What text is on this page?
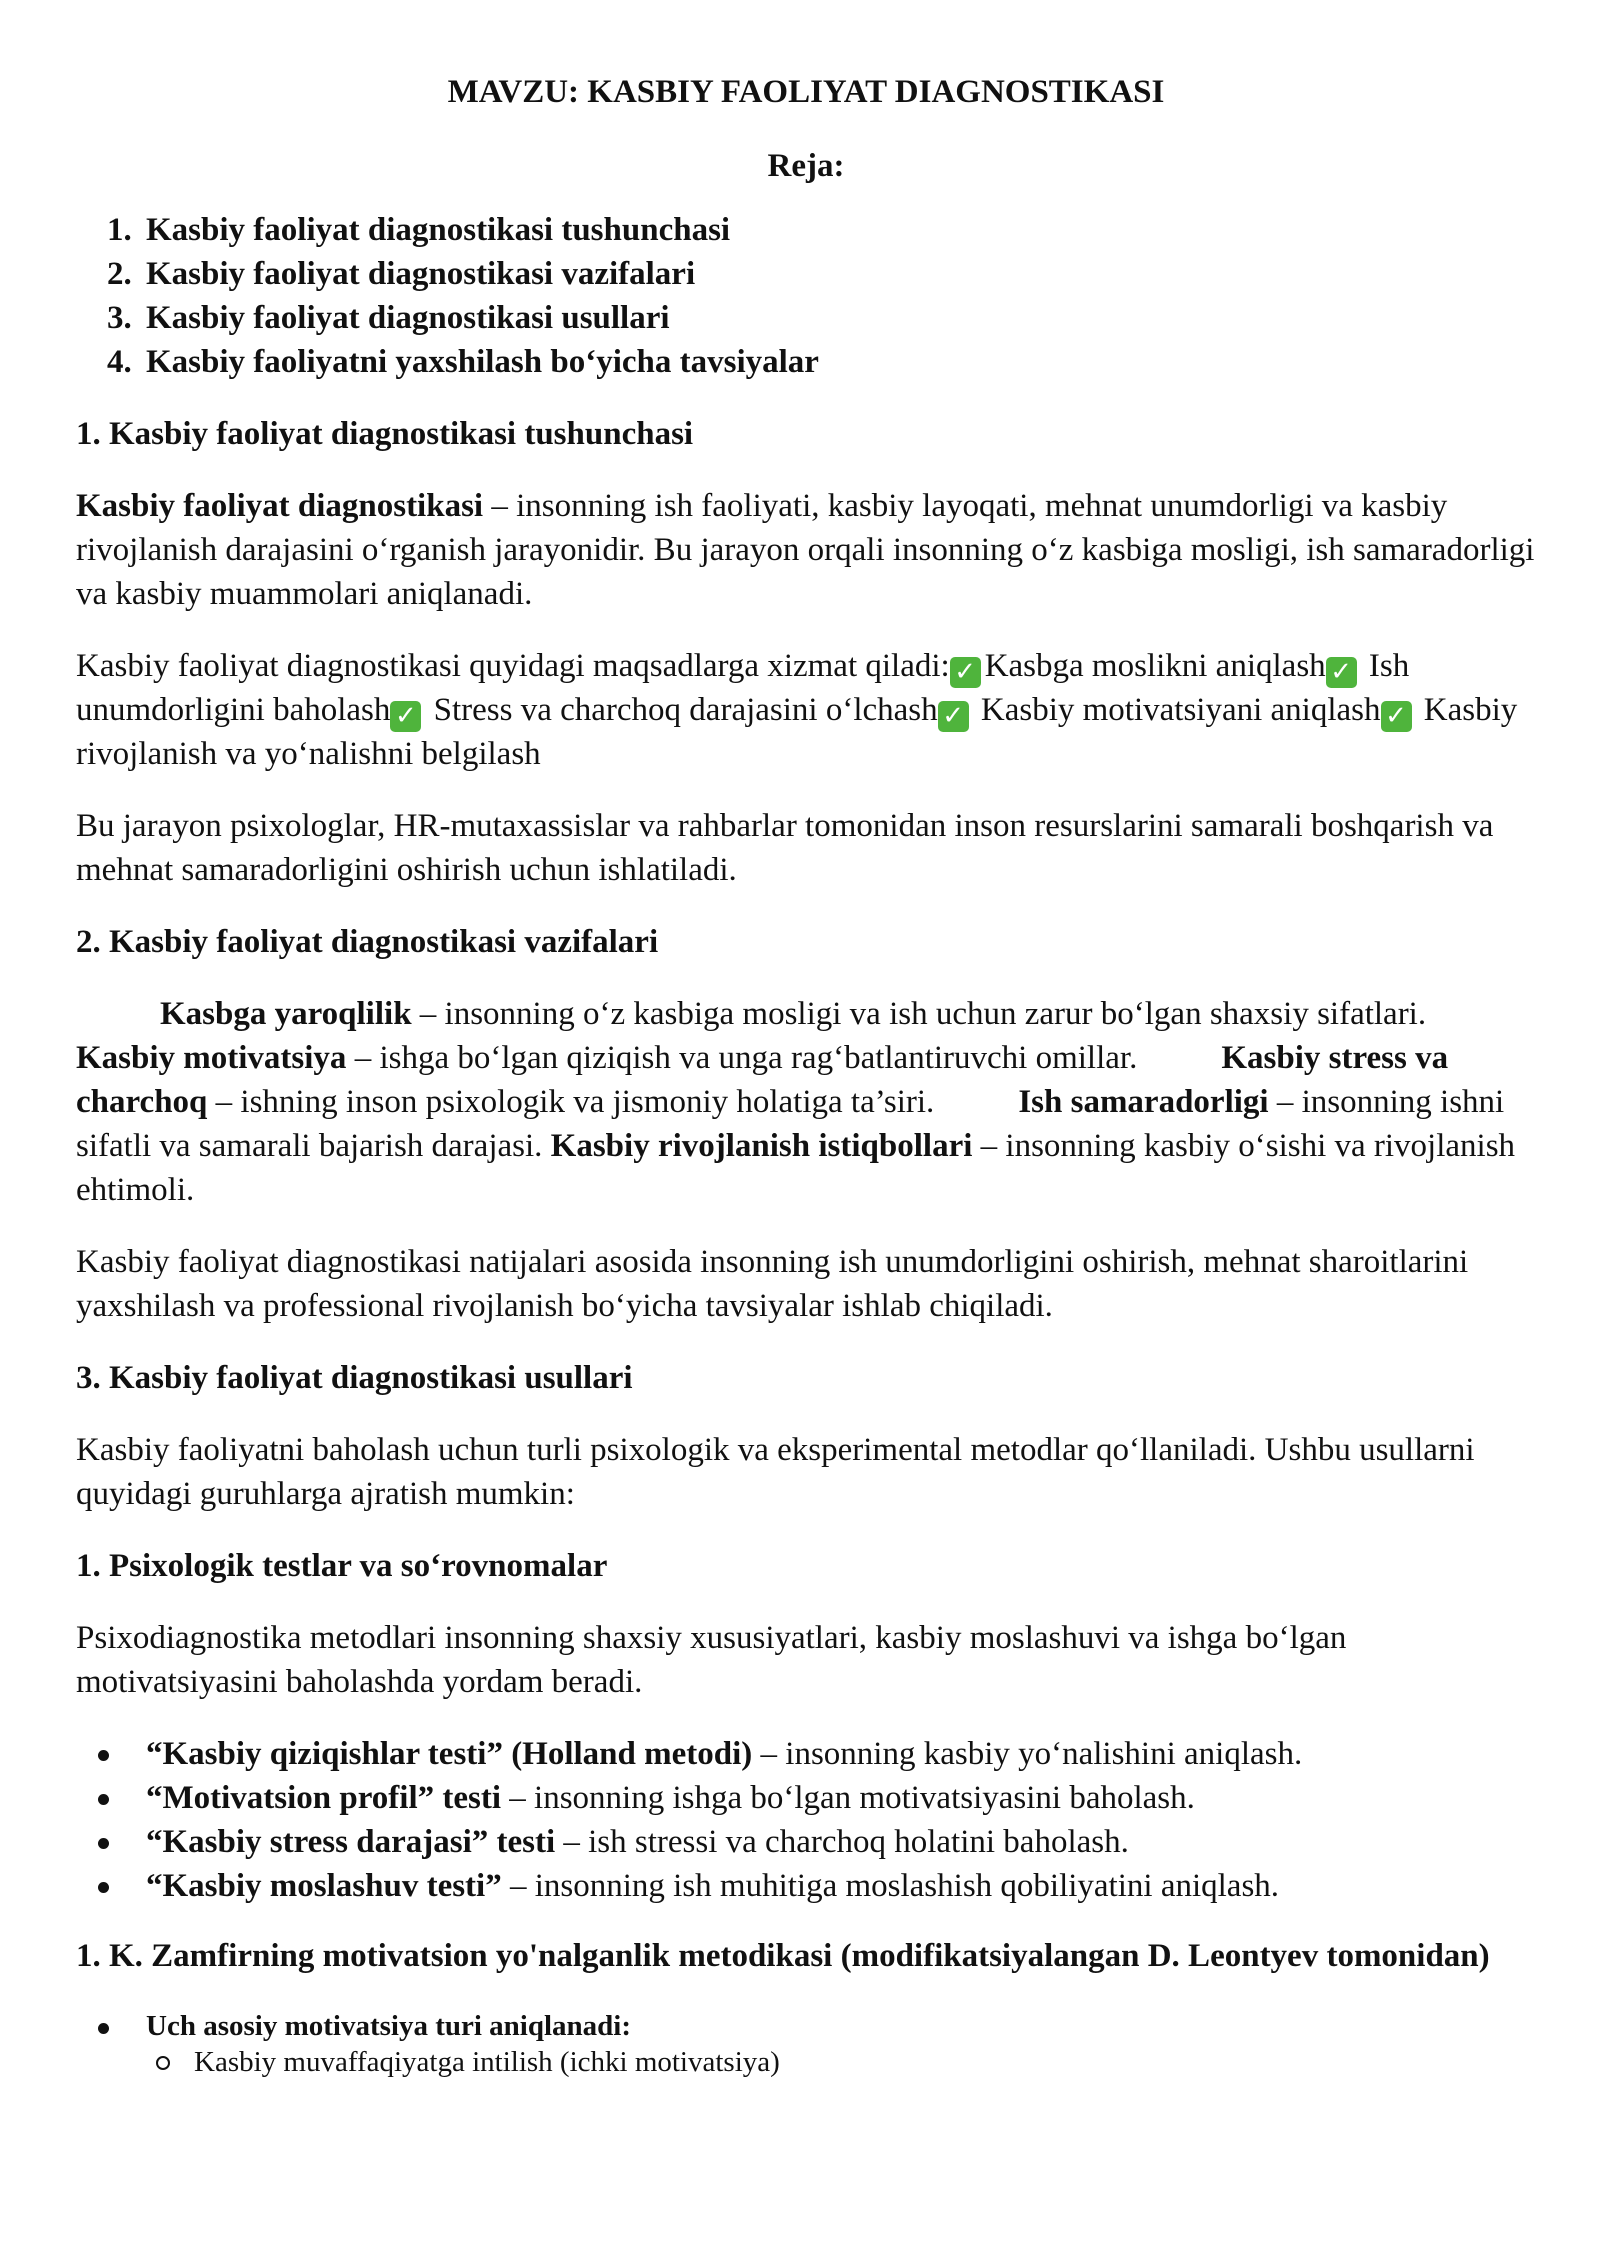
MAVZU: KASBIY FAOLIYAT DIAGNOSTIKASI
Reja:
1. Kasbiy faoliyat diagnostikasi tushunchasi
2. Kasbiy faoliyat diagnostikasi vazifalari
3. Kasbiy faoliyat diagnostikasi usullari
4. Kasbiy faoliyatni yaxshilash bo‘yicha tavsiyalar
1. Kasbiy faoliyat diagnostikasi tushunchasi

Kasbiy faoliyat diagnostikasi – insonning ish faoliyati, kasbiy layoqati, mehnat unumdorligi va kasbiy rivojlanish darajasini o‘rganish jarayonidir. Bu jarayon orqali insonning o‘z kasbiga mosligi, ish samaradorligi va kasbiy muammolari aniqlanadi.

Kasbiy faoliyat diagnostikasi quyidagi maqsadlarga xizmat qiladi: ✓ Kasbga moslikni aniqlash ✓ Ish unumdorligini baholash ✓ Stress va charchoq darajasini o‘lchash ✓ Kasbiy motivatsiyani aniqlash ✓ Kasbiy rivojlanish va yo‘nalishni belgilash

Bu jarayon psixologlar, HR-mutaxassislar va rahbarlar tomonidan inson resurslarini samarali boshqarish va mehnat samaradorligini oshirish uchun ishlatiladi.

2. Kasbiy faoliyat diagnostikasi vazifalari

Kasbga yaroqlilik – insonning o‘z kasbiga mosligi va ish uchun zarur bo‘lgan shaxsiy sifatlari.Kasbiy motivatsiya – ishga bo‘lgan qiziqish va unga rag‘batlantiruvchi omillar.	Kasbiy stress va charchoq – ishning inson psixologik va jismoniy holatiga ta’siri.	Ish samaradorligi – insonning ishni sifatli va samarali bajarish darajasi. Kasbiy rivojlanish istiqbollari – insonning kasbiy o‘sishi va rivojlanish ehtimoli.

Kasbiy faoliyat diagnostikasi natijalari asosida insonning ish unumdorligini oshirish, mehnat sharoitlarini yaxshilash va professional rivojlanish bo‘yicha tavsiyalar ishlab chiqiladi.

3. Kasbiy faoliyat diagnostikasi usullari

Kasbiy faoliyatni baholash uchun turli psixologik va eksperimental metodlar qo‘llaniladi. Ushbu usullarni quyidagi guruhlarga ajratish mumkin:

1. Psixologik testlar va so‘rovnomalar

Psixodiagnostika metodlari insonning shaxsiy xususiyatlari, kasbiy moslashuvi va ishga bo‘lgan motivatsiyasini baholashda yordam beradi.

“Kasbiy qiziqishlar testi” (Holland metodi) – insonning kasbiy yo‘nalishini aniqlash.
“Motivatsion profil” testi – insonning ishga bo‘lgan motivatsiyasini baholash.
“Kasbiy stress darajasi” testi – ish stressi va charchoq holatini baholash.
“Kasbiy moslashuv testi” – insonning ish muhitiga moslashish qobiliyatini aniqlash.
1. K. Zamfirning motivatsion yo'nalganlik metodikasi (modifikatsiyalangan D. Leontyev tomonidan)
Uch asosiy motivatsiya turi aniqlanadi:
Kasbiy muvaffaqiyatga intilish (ichki motivatsiya)
